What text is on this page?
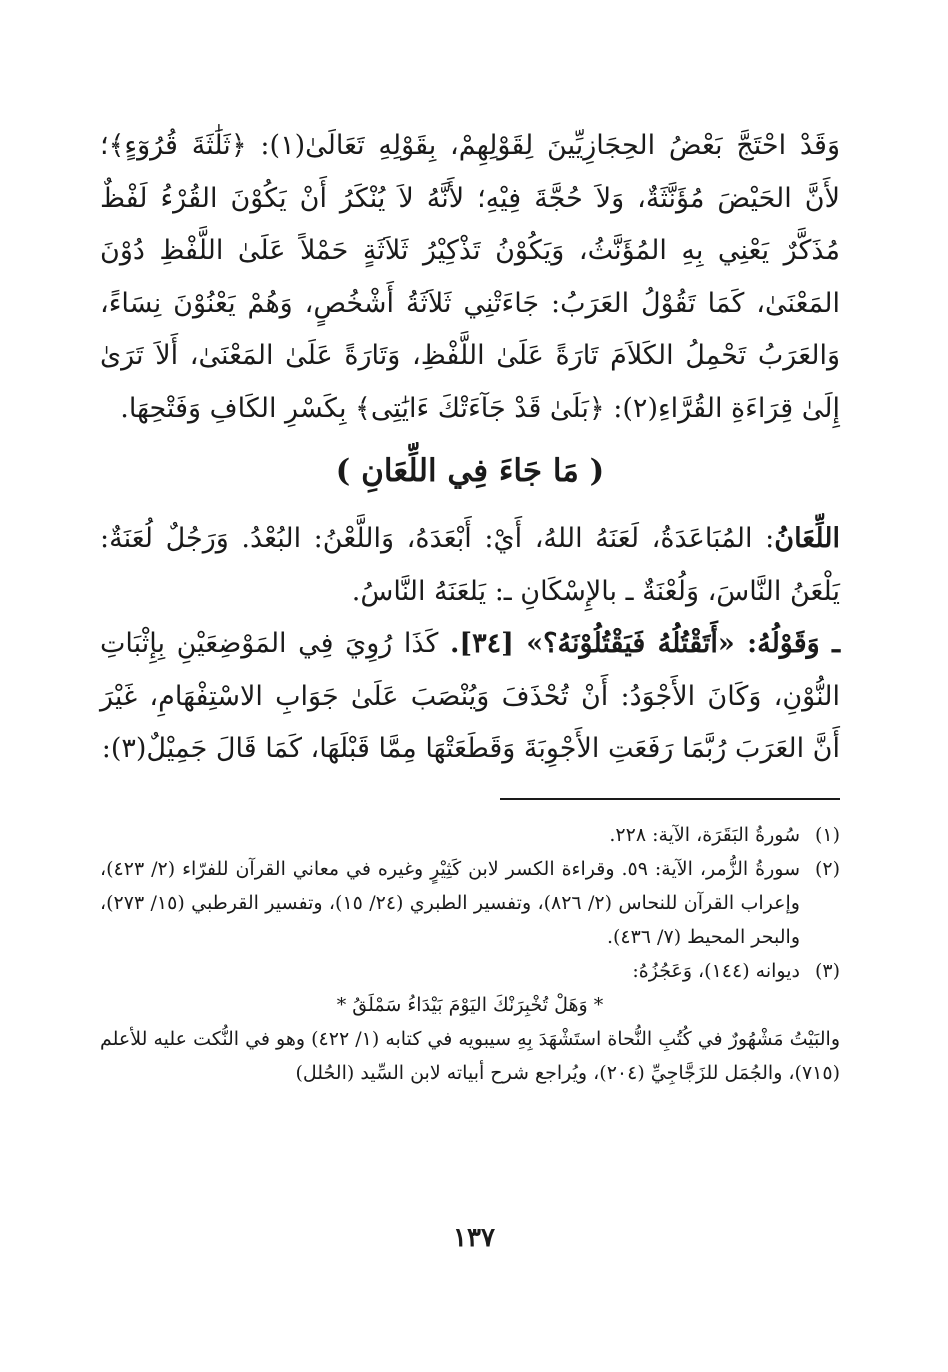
وَقَدْ احْتَجَّ بَعْضُ الحِجَازِيِّينَ لِقَوْلِهِمْ، بِقَوْلِهِ تَعَالَىٰ(١): ﴿ثَلَٰثَةَ قُرُوٓءٍ﴾؛ لأَنَّ الحَيْضَ مُؤَنَّثَةٌ، وَلاَ حُجَّةَ فِيْهِ؛ لأَنَّهُ لاَ يُنْكَرُ أَنْ يَكُوْنَ القُرْءُ لَفْظٌ مُذَكَّرٌ يَعْنِي بِهِ المُؤَنَّثُ، وَيَكُوْنُ تَذْكِيْرُ ثَلاَثَةٍ حَمْلاً عَلَىٰ اللَّفْظِ دُوْنَ المَعْنَىٰ، كَمَا تَقُوْلُ العَرَبُ: جَاءَتْنِي ثَلاَثَةُ أَشْخُصٍ، وَهُمْ يَعْنُوْنَ نِسَاءً، وَالعَرَبُ تَحْمِلُ الكَلاَمَ تَارَةً عَلَىٰ اللَّفْظِ، وَتَارَةً عَلَىٰ المَعْنَىٰ، أَلاَ تَرَىٰ إِلَىٰ قِرَاءَةِ القُرَّاءِ(٢): ﴿بَلَىٰ قَدْ جَآءَتْكَ ءَايَٰتِى﴾ بِكَسْرِ الكَافِ وَفَتْحِهَا.

( مَا جَاءَ فِي اللِّعَانِ )

اللِّعَانُ: المُبَاعَدَةُ، لَعَنَهُ اللهُ، أَيْ: أَبْعَدَهُ، وَاللَّعْنُ: البُعْدُ. وَرَجُلٌ لُعَنَةٌ: يَلْعَنُ النَّاسَ، وَلُعْنَةٌ ـ بالإِسْكَانِ ـ: يَلعَنَهُ النَّاسُ.

ـ وَقَوْلُهُ: «أَتَقْتُلُهُ فَيَقْتُلُوْنَهُ؟» [٣٤]. كَذَا رُوِيَ فِي المَوْضِعَيْنِ بِإِثْبَاتِ النُّوْنِ، وَكَانَ الأَجْوَدُ: أَنْ تُحْذَفَ وَيُنْصَبَ عَلَىٰ جَوَابِ الاسْتِفْهَامِ، غَيْرَ أَنَّ العَرَبَ رُبَّمَا رَفَعَتِ الأَجْوِبَةَ وَقَطَعَتْهَا مِمَّا قَبْلَهَا، كَمَا قَالَ جَمِيْلٌ(٣):

(١)
سُورةُ البَقَرَة، الآية: ٢٢٨.
(٢)
سورةُ الزُّمر، الآية: ٥٩. وقراءة الكسر لابن كَثِيْرٍ وغيره في معاني القرآن للفرّاء (٢/ ٤٢٣)، وإعراب القرآن للنحاس (٢/ ٨٢٦)، وتفسير الطبري (٢٤/ ١٥)، وتفسير القرطبي (١٥/ ٢٧٣)، والبحر المحيط (٧/ ٤٣٦).
(٣)
ديوانه (١٤٤)، وَعَجُزُهُ:
* وَهَلْ تُخْبِرَنْكَ اليَوْمَ بَيْدَاءُ سَمْلَقُ *

والبَيْتُ مَشْهُورٌ في كُتُبِ النُّحاة استَشْهَدَ بِهِ سيبويه في كتابه (١/ ٤٢٢) وهو في النُّكت عليه للأعلم (٧١٥)، والجُمَل للزَجَّاجِيِّ (٢٠٤)، ويُراجع شرح أبياته لابن السِّيد (الحُلل)

١٣٧
